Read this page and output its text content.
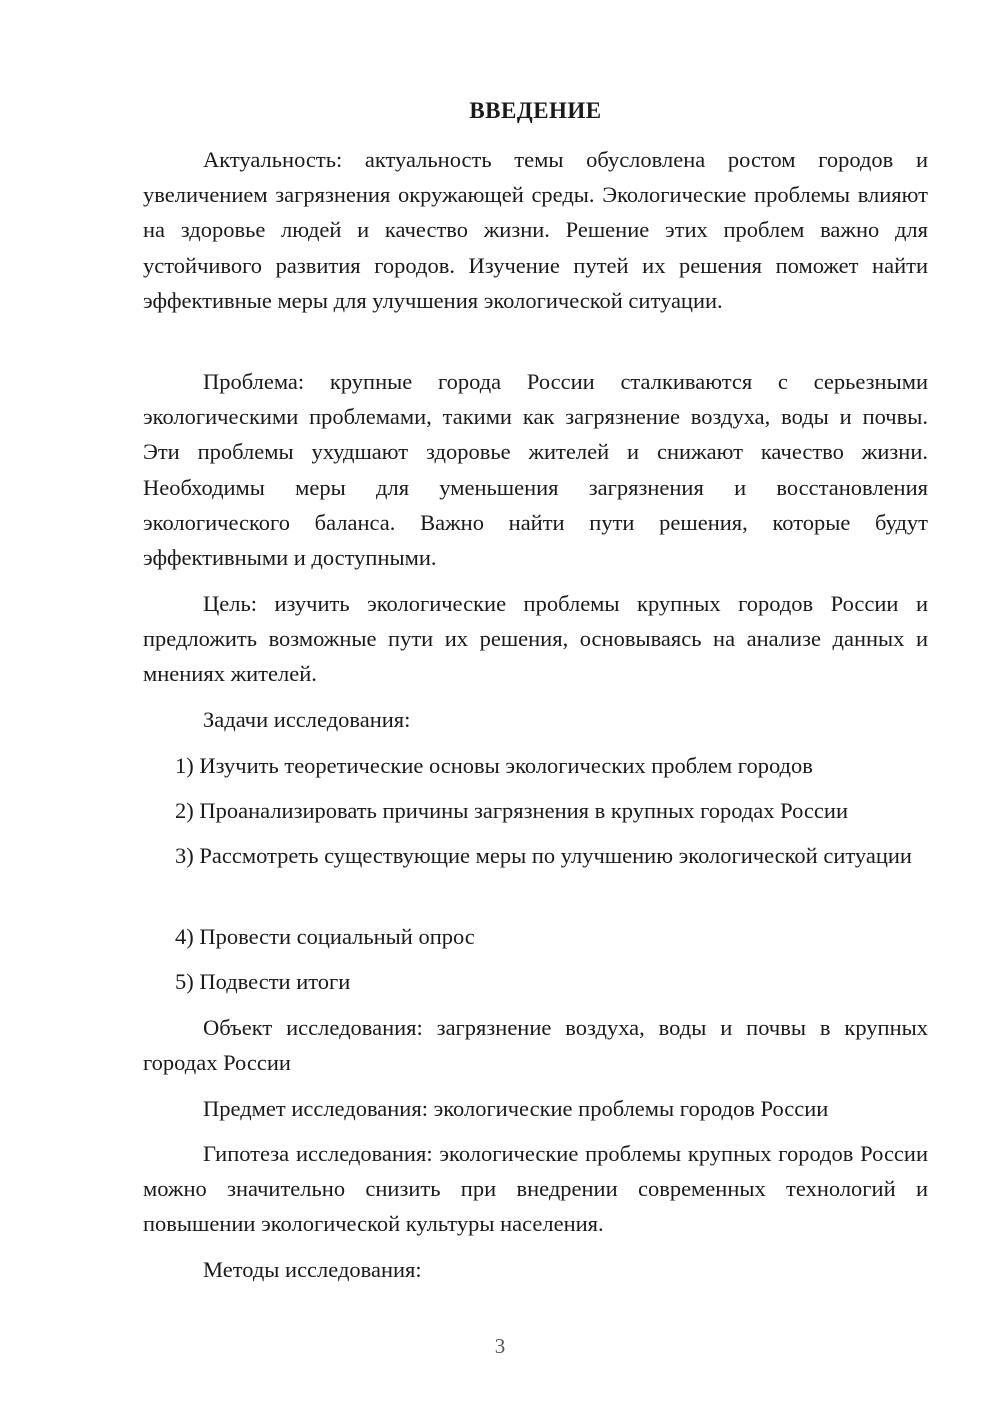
ВВЕДЕНИЕ

Актуальность: актуальность темы обусловлена ростом городов и увеличением загрязнения окружающей среды. Экологические проблемы влияют на здоровье людей и качество жизни. Решение этих проблем важно для устойчивого развития городов. Изучение путей их решения поможет найти эффективные меры для улучшения экологической ситуации.

Проблема: крупные города России сталкиваются с серьезными экологическими проблемами, такими как загрязнение воздуха, воды и почвы. Эти проблемы ухудшают здоровье жителей и снижают качество жизни. Необходимы меры для уменьшения загрязнения и восстановления экологического баланса. Важно найти пути решения, которые будут эффективными и доступными.

Цель: изучить экологические проблемы крупных городов России и предложить возможные пути их решения, основываясь на анализе данных и мнениях жителей.

Задачи исследования:

1) Изучить теоретические основы экологических проблем городов

2) Проанализировать причины загрязнения в крупных городах России

3) Рассмотреть существующие меры по улучшению экологической ситуации

4) Провести социальный опрос

5) Подвести итоги

Объект исследования: загрязнение воздуха, воды и почвы в крупных городах России

Предмет исследования: экологические проблемы городов России

Гипотеза исследования: экологические проблемы крупных городов России можно значительно снизить при внедрении современных технологий и повышении экологической культуры населения.

Методы исследования:

3
